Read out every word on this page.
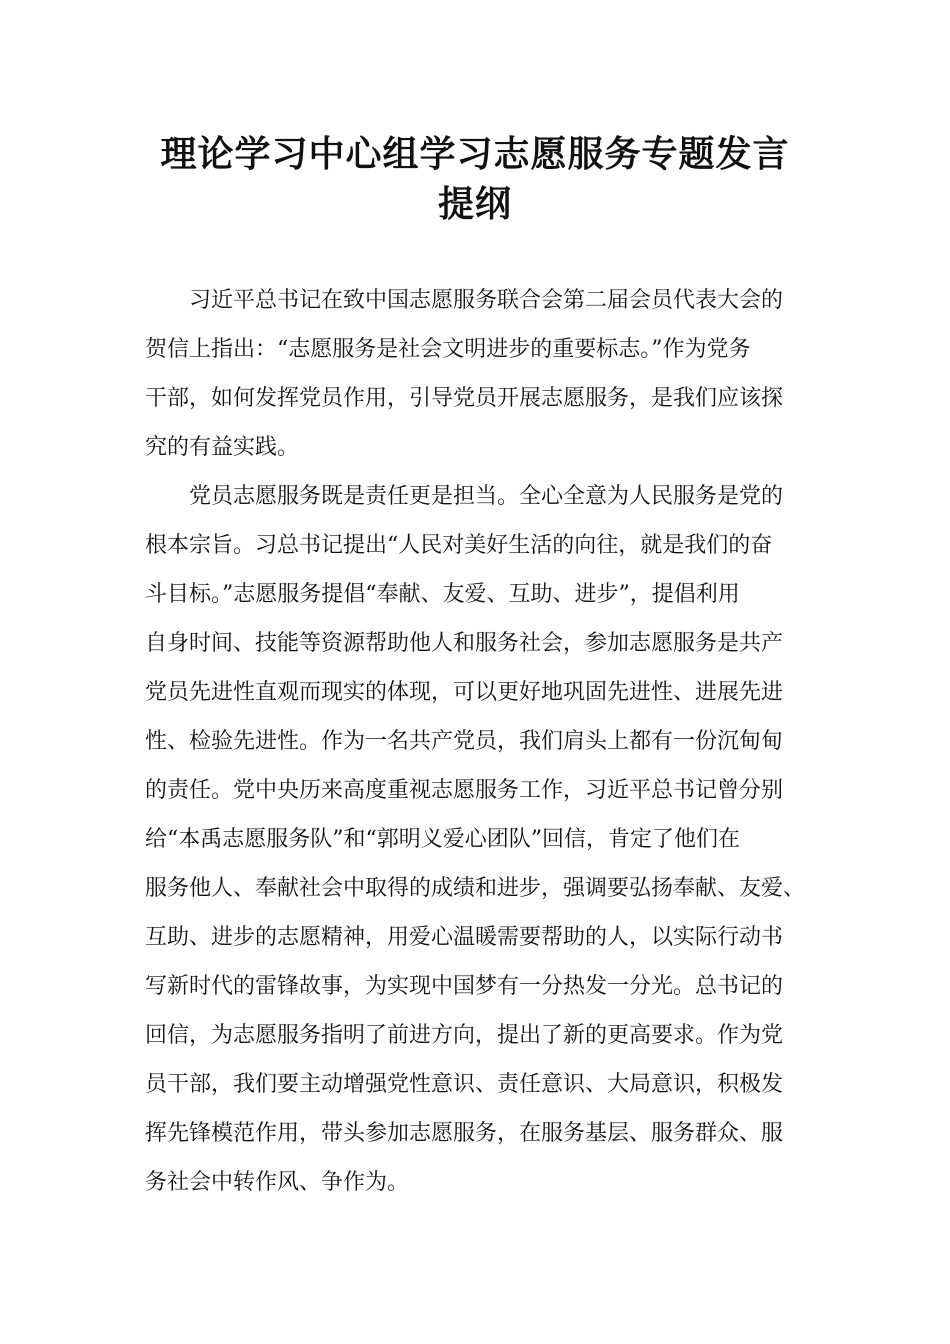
理论学习中心组学习志愿服务专题发言
提纲

习近平总书记在致中国志愿服务联合会第二届会员代表大会的
贺信上指出：“志愿服务是社会文明进步的重要标志。”作为党务
干部，如何发挥党员作用，引导党员开展志愿服务，是我们应该探
究的有益实践。

党员志愿服务既是责任更是担当。全心全意为人民服务是党的
根本宗旨。习总书记提出“人民对美好生活的向往，就是我们的奋
斗目标。”志愿服务提倡“奉献、友爱、互助、进步”，提倡利用
自身时间、技能等资源帮助他人和服务社会，参加志愿服务是共产
党员先进性直观而现实的体现，可以更好地巩固先进性、进展先进
性、检验先进性。作为一名共产党员，我们肩头上都有一份沉甸甸
的责任。党中央历来高度重视志愿服务工作，习近平总书记曾分别
给“本禹志愿服务队”和“郭明义爱心团队”回信，肯定了他们在
服务他人、奉献社会中取得的成绩和进步，强调要弘扬奉献、友爱、
互助、进步的志愿精神，用爱心温暖需要帮助的人，以实际行动书
写新时代的雷锋故事，为实现中国梦有一分热发一分光。总书记的
回信，为志愿服务指明了前进方向，提出了新的更高要求。作为党
员干部，我们要主动增强党性意识、责任意识、大局意识，积极发
挥先锋模范作用，带头参加志愿服务，在服务基层、服务群众、服
务社会中转作风、争作为。
